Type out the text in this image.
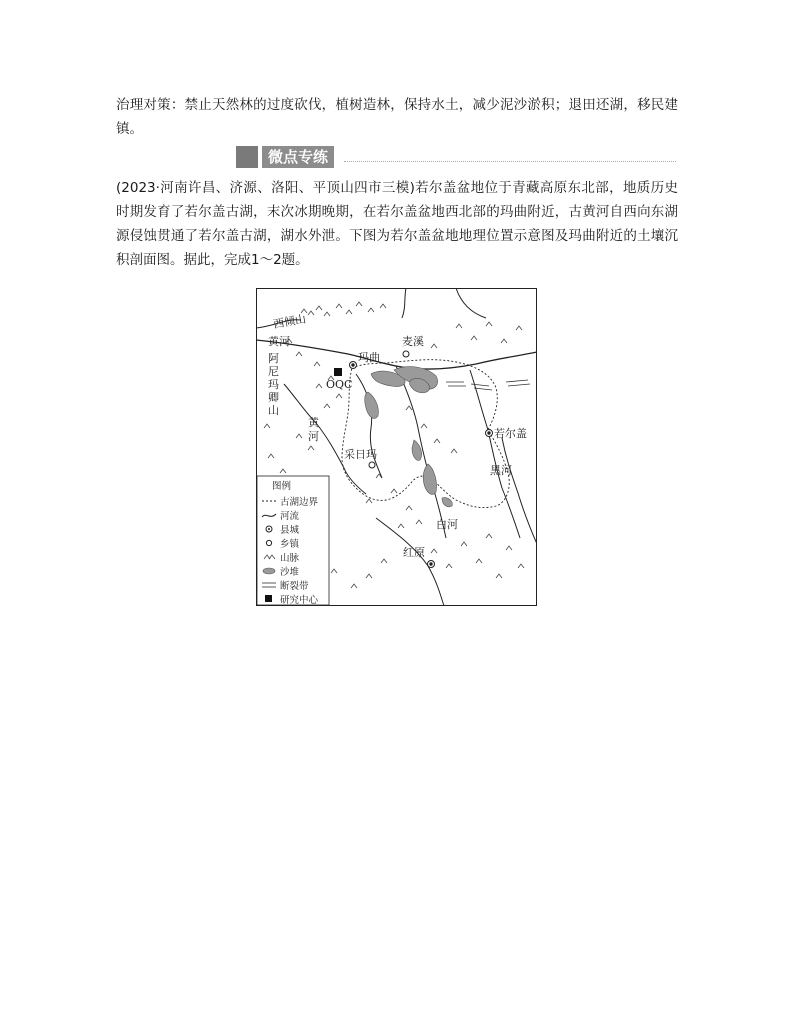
治理对策：禁止天然林的过度砍伐，植树造林，保持水土，减少泥沙淤积；退田还湖，移民建镇。
微点专练
(2023·河南许昌、济源、洛阳、平顶山四市三模)若尔盖盆地位于青藏高原东北部，地质历史时期发育了若尔盖古湖，末次冰期晚期，在若尔盖盆地西北部的玛曲附近，古黄河自西向东湖源侵蚀贯通了若尔盖古湖，湖水外泄。下图为若尔盖盆地地理位置示意图及玛曲附近的土壤沉积剖面图。据此，完成1～2题。
西倾山
黄河
阿尼玛卿山
玛曲
麦溪
OQC
黄河
采日玛
若尔盖
黑河
白河
红原
图例
古湖边界
河流
县城
乡镇
山脉
沙堆
断裂带
研究中心
